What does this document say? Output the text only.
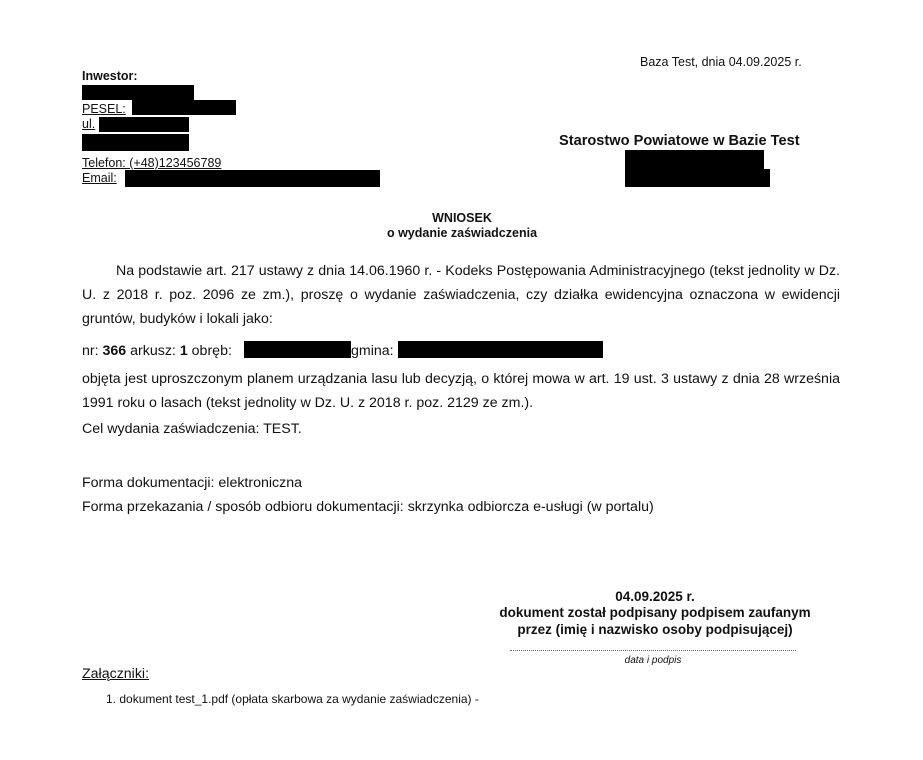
Baza Test, dnia 04.09.2025 r.
Inwestor:
PESEL:
ul.
Telefon: (+48)123456789
Email:
Starostwo Powiatowe w Bazie Test
WNIOSEK
o wydanie zaświadczenia
Na podstawie art. 217 ustawy z dnia 14.06.1960 r. - Kodeks Postępowania Administracyjnego (tekst jednolity w Dz. U. z 2018 r. poz. 2096 ze zm.), proszę o wydanie zaświadczenia, czy działka ewidencyjna oznaczona w ewidencji gruntów, budyków i lokali jako:
nr: 366 arkusz: 1 obręb:	gmina:
objęta jest uproszczonym planem urządzania lasu lub decyzją, o której mowa w art. 19 ust. 3 ustawy z dnia 28 września 1991 roku o lasach (tekst jednolity w Dz. U. z 2018 r. poz. 2129 ze zm.).
Cel wydania zaświadczenia: TEST.
Forma dokumentacji: elektroniczna
Forma przekazania / sposób odbioru dokumentacji: skrzynka odbiorcza e-usługi (w portalu)
04.09.2025 r.
dokument został podpisany podpisem zaufanym
przez (imię i nazwisko osoby podpisującej)
data i podpis
Załączniki:
1. dokument test_1.pdf (opłata skarbowa za wydanie zaświadczenia) -
